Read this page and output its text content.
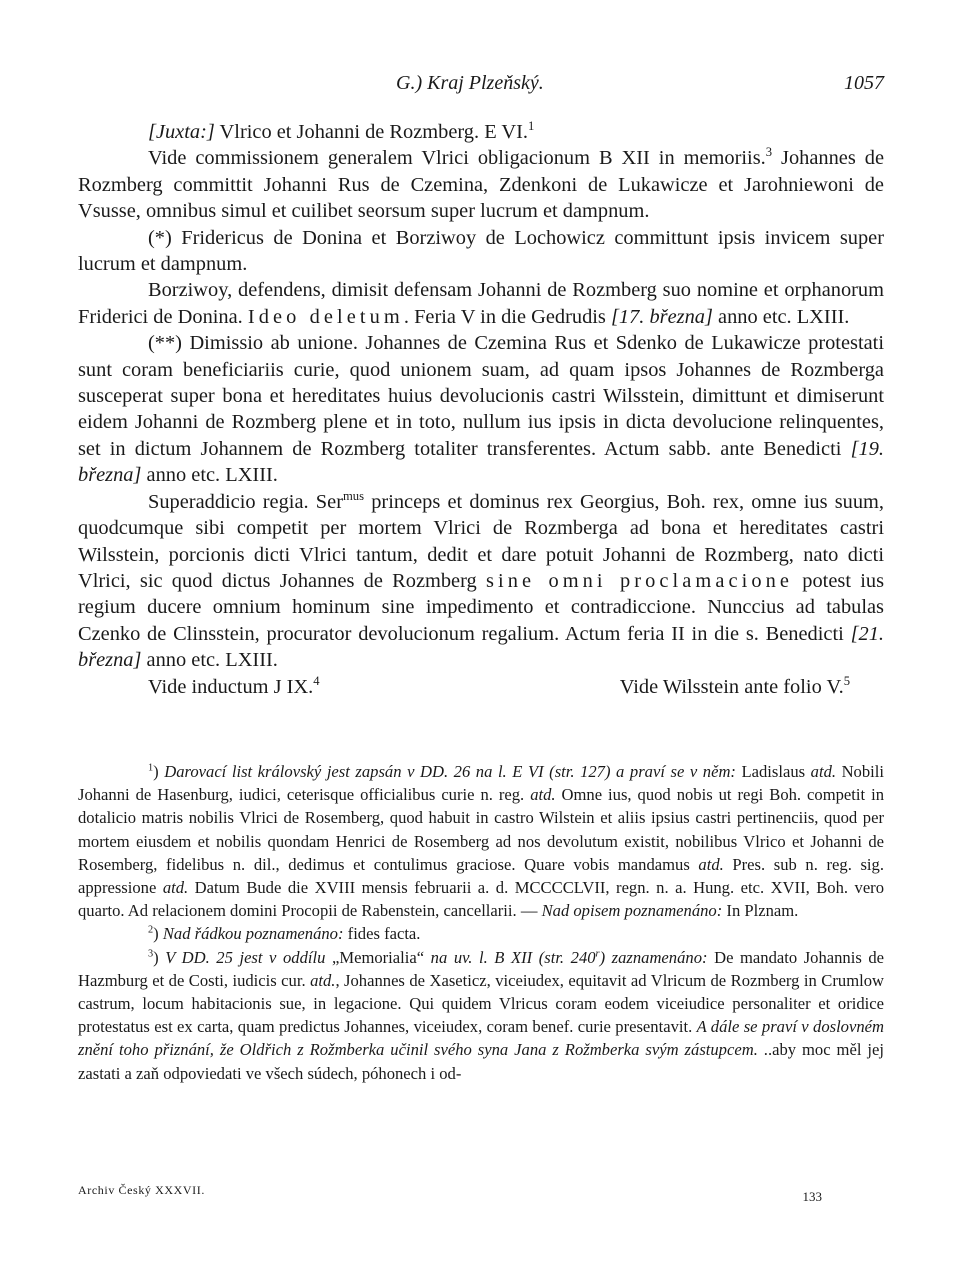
G.) Kraj Plzeňský.	1057

[Juxta:] Vlrico et Johanni de Rozmberg. E VI.$^1$

Vide commissionem generalem Vlrici obligacionum B XII in memoriis.$^3$ Johannes de Rozmberg committit Johanni Rus de Czemina, Zdenkoni de Lukawicze et Jarohniewoni de Vsusse, omnibus simul et cuilibet seorsum super lucrum et dampnum.

(*) Fridericus de Donina et Borziwoy de Lochowicz committunt ipsis invicem super lucrum et dampnum.

Borziwoy, defendens, dimisit defensam Johanni de Rozmberg suo nomine et orphanorum Friderici de Donina. Ideo deletum. Feria V in die Gedrudis [17. března] anno etc. LXIII.

(**) Dimissio ab unione. Johannes de Czemina Rus et Sdenko de Lukawicze protestati sunt coram beneficiariis curie, quod unionem suam, ad quam ipsos Johannes de Rozmberga susceperat super bona et hereditates huius devolucionis castri Wilsstein, dimittunt et dimiserunt eidem Johanni de Rozmberg plene et in toto, nullum ius ipsis in dicta devolucione relinquentes, set in dictum Johannem de Rozmberg totaliter transferentes. Actum sabb. ante Benedicti [19. března] anno etc. LXIII.

Superaddicio regia. Ser$^{mus}$ princeps et dominus rex Georgius, Boh. rex, omne ius suum, quodcumque sibi competit per mortem Vlrici de Rozmberga ad bona et hereditates castri Wilsstein, porcionis dicti Vlrici tantum, dedit et dare potuit Johanni de Rozmberg, nato dicti Vlrici, sic quod dictus Johannes de Rozmberg sine omni proclamacione potest ius regium ducere omnium hominum sine impedimento et contradiccione. Nunccius ad tabulas Czenko de Clinsstein, procurator devolucionum regalium. Actum feria II in die s. Benedicti [21. března] anno etc. LXIII.

Vide inductum J IX.$^4$	Vide Wilsstein ante folio V.$^5$

$^1$) Darovací list královský jest zapsán v DD. 26 na l. E VI (str. 127) a praví se v něm: Ladislaus atd. Nobili Johanni de Hasenburg, iudici, ceterisque officialibus curie n. reg. atd. Omne ius, quod nobis ut regi Boh. competit in dotalicio matris nobilis Vlrici de Rosemberg, quod habuit in castro Wilstein et aliis ipsius castri pertinenciis, quod per mortem eiusdem et nobilis quondam Henrici de Rosemberg ad nos devolutum existit, nobilibus Vlrico et Johanni de Rosemberg, fidelibus n. dil., dedimus et contulimus graciose. Quare vobis mandamus atd. Pres. sub n. reg. sig. appressione atd. Datum Bude die XVIII mensis februarii a. d. MCCCCLVII, regn. n. a. Hung. etc. XVII, Boh. vero quarto. Ad relacionem domini Procopii de Rabenstein, cancellarii. — Nad opisem poznamenáno: In Plznam.

$^2$) Nad řádkou poznamenáno: fides facta.

$^3$) V DD. 25 jest v oddílu „Memorialia“ na uv. l. B XII (str. 240$^r$) zaznamenáno: De mandato Johannis de Hazmburg et de Costi, iudicis cur. atd., Johannes de Xaseticz, viceiudex, equitavit ad Vlricum de Rozmberg in Crumlow castrum, locum habitacionis sue, in legacione. Qui quidem Vlricus coram eodem viceiudice personaliter et oridice protestatus est ex carta, quam predictus Johannes, viceiudex, coram benef. curie presentavit. A dále se praví v doslovném znění toho přiznání, že Oldřich z Rožmberka učinil svého syna Jana z Rožmberka svým zástupcem. ..aby moc měl jej zastati a zaň odpoviedati ve všech súdech, póhonech i od-

Archiv Český XXXVII.	133
